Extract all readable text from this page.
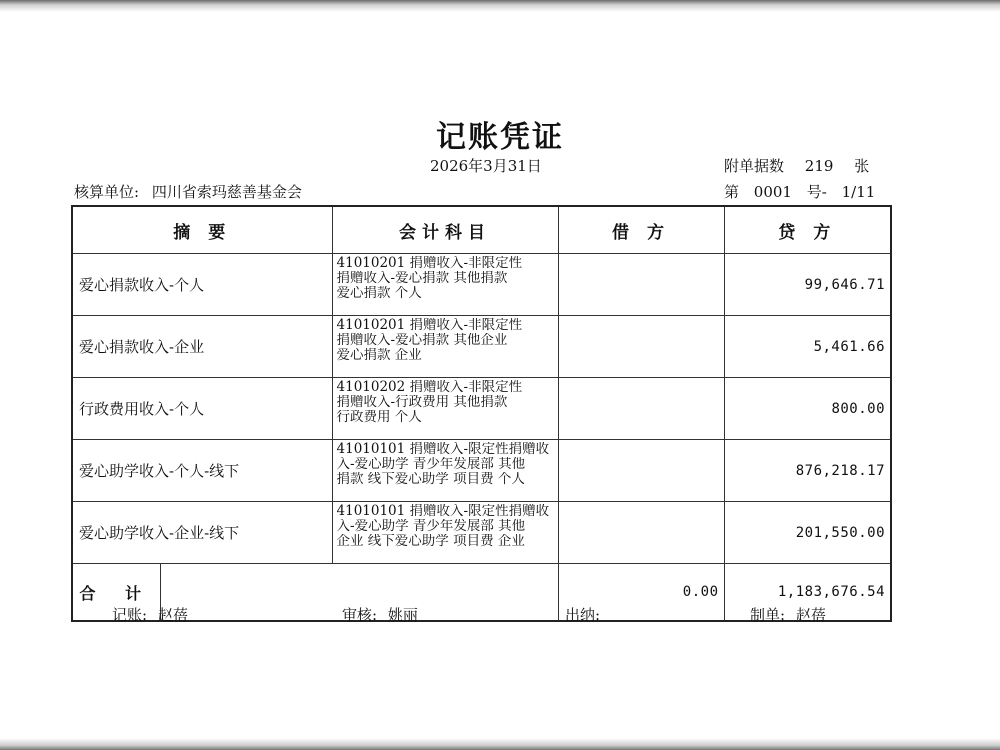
记账凭证
2026年3月31日	附单据数 219 张
核算单位: 四川省索玛慈善基金会	第 0001 号- 1/11
摘 要		会计科目	借 方	贷 方
爱心捐款收入-个人		41010201 捐赠收入-非限定性
捐赠收入-爱心捐款 其他捐款
爱心捐款 个人		99,646.71
爱心捐款收入-企业		41010201 捐赠收入-非限定性
捐赠收入-爱心捐款 其他企业
爱心捐款 企业		5,461.66
行政费用收入-个人		41010202 捐赠收入-非限定性
捐赠收入-行政费用 其他捐款
行政费用 个人		800.00
爱心助学收入-个人-线下		41010101 捐赠收入-限定性捐赠收
入-爱心助学 青少年发展部 其他
捐款 线下爱心助学 项目费 个人		876,218.17
爱心助学收入-企业-线下		41010101 捐赠收入-限定性捐赠收
入-爱心助学 青少年发展部 其他
企业 线下爱心助学 项目费 企业		201,550.00
合 计			0.00	1,183,676.54
记账: 赵蓓	审核: 姚丽	出纳:	制单: 赵蓓
